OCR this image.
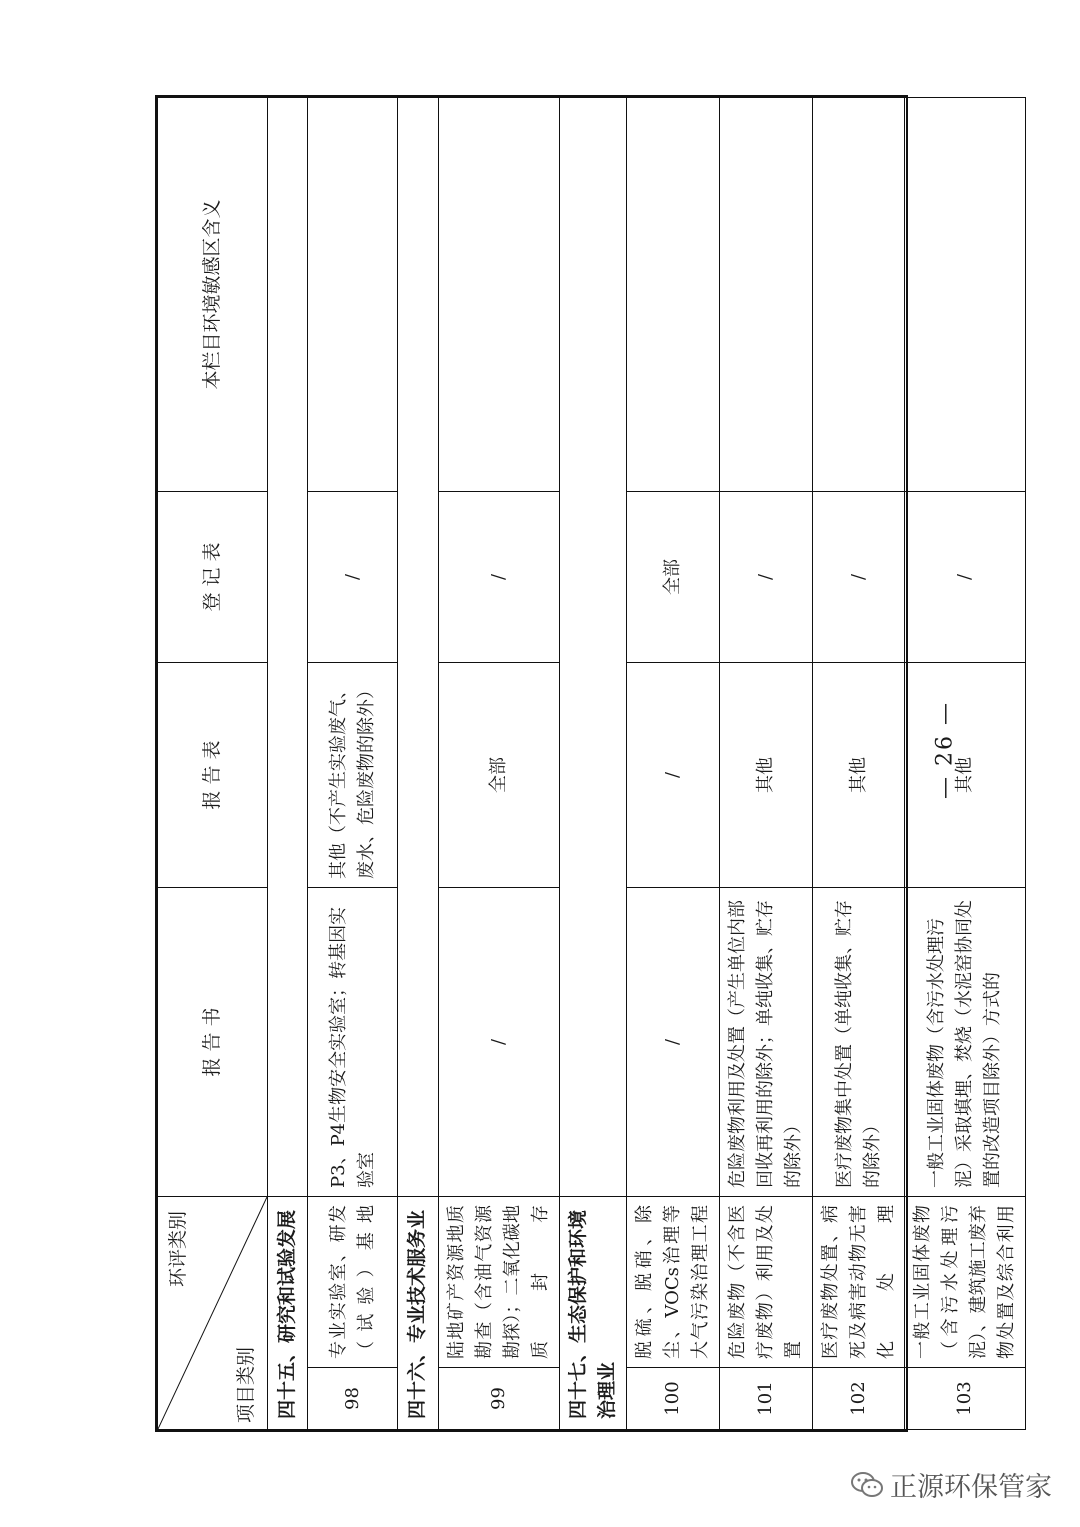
环评类别
项目类别		报 告 书	报 告 表	登 记 表	本栏目环境敏感区含义
四十五、研究和试验发展					
98	专业实验室、研发（试验）基地	P3、P4生物安全实验室；转基因实验室	其他（不产生实验废气、废水、危险废物的除外）	/	
四十六、专业技术服务业					
99	陆地矿产资源地质勘查（含油气资源勘探）；二氧化碳地质封存	/	全部	/	
四十七、生态保护和环境治理业					
100	脱硫、脱硝、除尘、VOCs治理等大气污染治理工程	/	/	全部	
101	危险废物（不含医疗废物）利用及处置	危险废物利用及处置（产生单位内部回收再利用的除外；单纯收集、贮存的除外）	其他	/	
102	医疗废物处置、病死及病害动物无害化处理	医疗废物集中处置（单纯收集、贮存的除外）	其他	/	
103	一般工业固体废物（含污水处理污泥）、建筑施工废弃物处置及综合利用	一般工业固体废物（含污水处理污泥）采取填埋、焚烧（水泥窑协同处置的改造项目除外）方式的	其他	/	
— 26 —
正源环保管家
